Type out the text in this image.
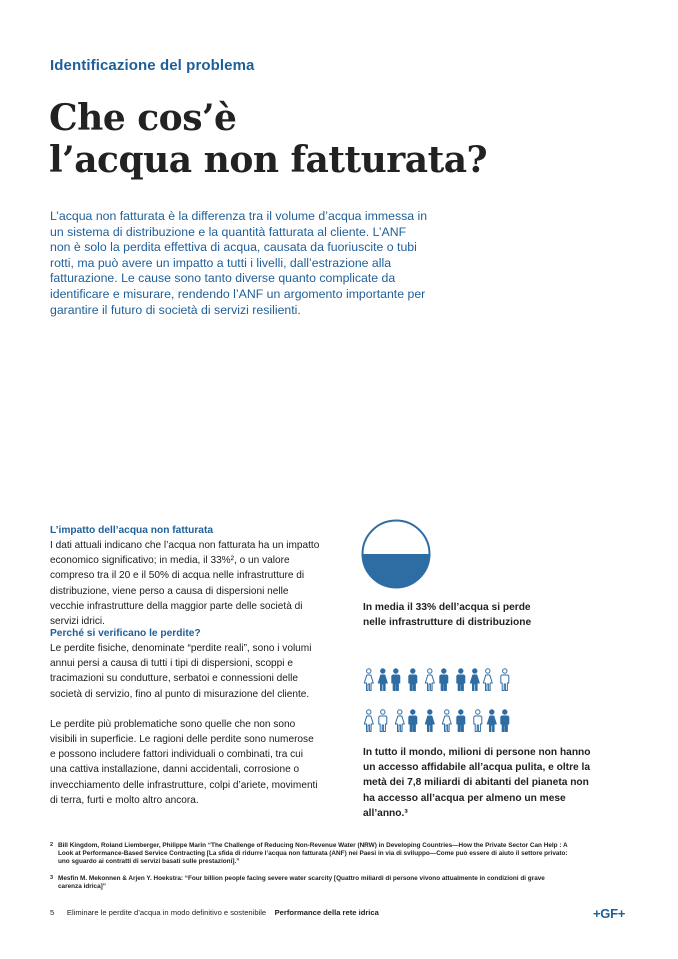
Identificazione del problema
Che cos’è
l’acqua non fatturata?

L’acqua non fatturata è la differenza tra il volume d’acqua immessa in un sistema di distribuzione e la quantità fatturata al cliente. L’ANF non è solo la perdita effettiva di acqua, causata da fuoriuscite o tubi rotti, ma può avere un impatto a tutti i livelli, dall’estrazione alla fatturazione. Le cause sono tanto diverse quanto complicate da identificare e misurare, rendendo l’ANF un argomento importante per garantire il futuro di società di servizi resilienti.

L’impatto dell’acqua non fatturata

I dati attuali indicano che l’acqua non fatturata ha un impatto economico significativo; in media, il 33%², o un valore compreso tra il 20 e il 50% di acqua nelle infrastrutture di distribuzione, viene perso a causa di dispersioni nelle vecchie infrastrutture della maggior parte delle società di servizi idrici.

Perché si verificano le perdite?

Le perdite fisiche, denominate “perdite reali”, sono i volumi annui persi a causa di tutti i tipi di dispersioni, scoppi e tracimazioni su condutture, serbatoi e connessioni delle società di servizio, fino al punto di misurazione del cliente.

Le perdite più problematiche sono quelle che non sono visibili in superficie. Le ragioni delle perdite sono numerose e possono includere fattori individuali o combinati, tra cui una cattiva installazione, danni accidentali, corrosione o invecchiamento delle infrastrutture, colpi d’ariete, movimenti di terra, furti e molto altro ancora.

In media il 33% dell’acqua si perde nelle infrastrutture di distribuzione

In tutto il mondo, milioni di persone non hanno un accesso affidabile all’acqua pulita, e oltre la metà dei 7,8 miliardi di abitanti del pianeta non ha accesso all’acqua per almeno un mese all’anno.³

2 Bill Kingdom, Roland Liemberger, Philippe Marin “The Challenge of Reducing Non-Revenue Water (NRW) in Developing Countries—How the Private Sector Can Help : A Look at Performance-Based Service Contracting [La sfida di ridurre l’acqua non fatturata (ANF) nei Paesi in via di sviluppo—Come può essere di aiuto il settore privato: uno sguardo ai contratti di servizi basati sulle prestazioni].”
3 Mesfin M. Mekonnen & Arjen Y. Hoekstra: “Four billion people facing severe water scarcity [Quattro miliardi di persone vivono attualmente in condizioni di grave carenza idrica]”
5 Eliminare le perdite d’acqua in modo definitivo e sostenibile Performance della rete idrica	+GF+
